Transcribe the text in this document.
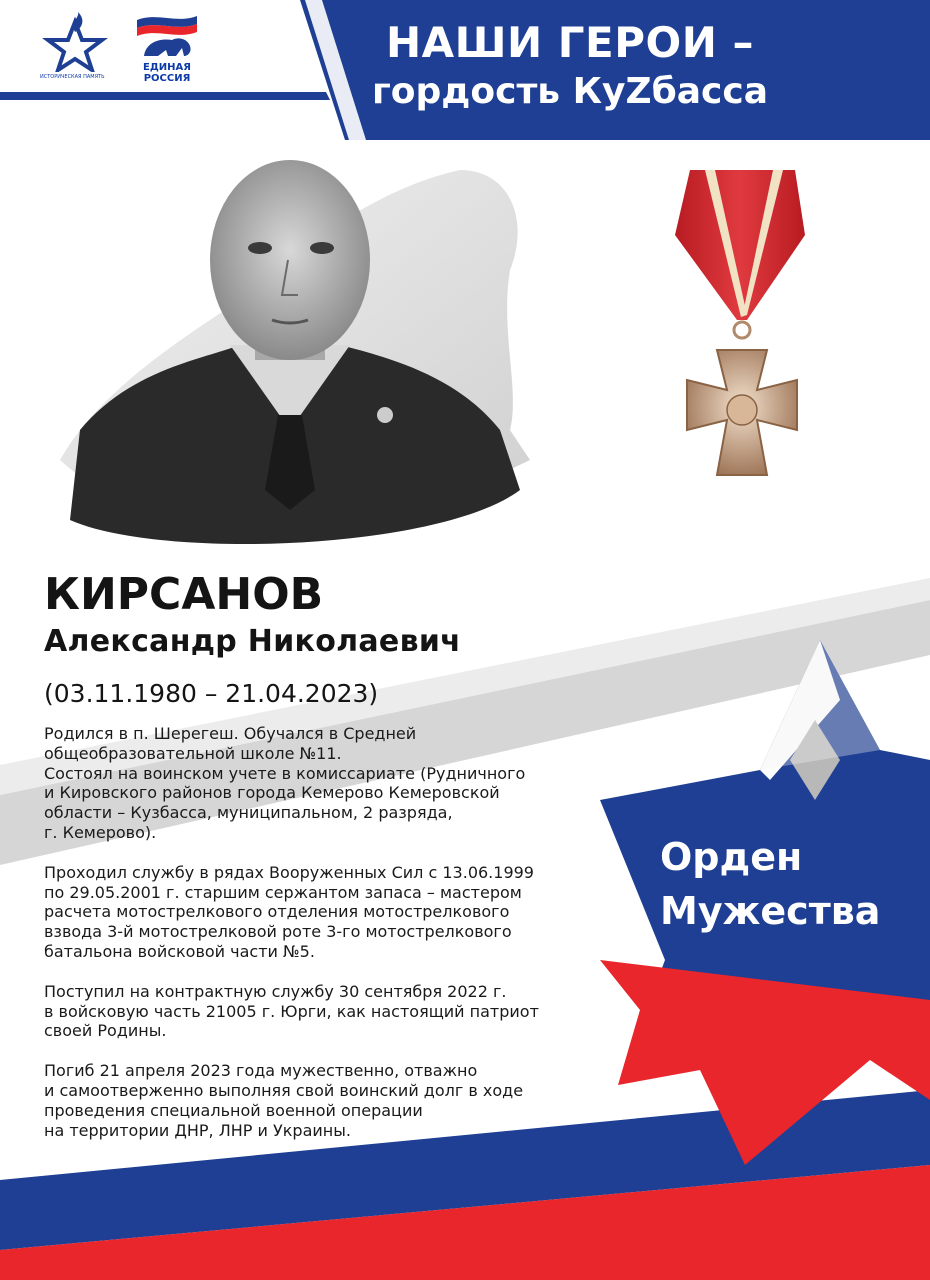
ИСТОРИЧЕСКАЯ ПАМЯТЬ
ЕДИНАЯ
РОССИЯ
НАШИ ГЕРОИ –
гордость КуZбасса
КИРСАНОВ
Александр Николаевич
(03.11.1980 – 21.04.2023)

Родился в п. Шерегеш. Обучался в Средней
общеобразовательной школе №11.
Состоял на воинском учете в комиссариате (Рудничного
и Кировского районов города Кемерово Кемеровской
области – Кузбасса, муниципальном, 2 разряда,
г. Кемерово).

Проходил службу в рядах Вооруженных Сил с 13.06.1999
по 29.05.2001 г. старшим сержантом запаса – мастером
расчета мотострелкового отделения мотострелкового
взвода 3-й мотострелковой роте 3-го мотострелкового
батальона войсковой части №5.

Поступил на контрактную службу 30 сентября 2022 г.
в войсковую часть 21005 г. Юрги, как настоящий патриот
своей Родины.

Погиб 21 апреля 2023 года мужественно, отважно
и самоотверженно выполняя свой воинский долг в ходе
проведения специальной военной операции
на территории ДНР, ЛНР и Украины.

Орден
Мужества
